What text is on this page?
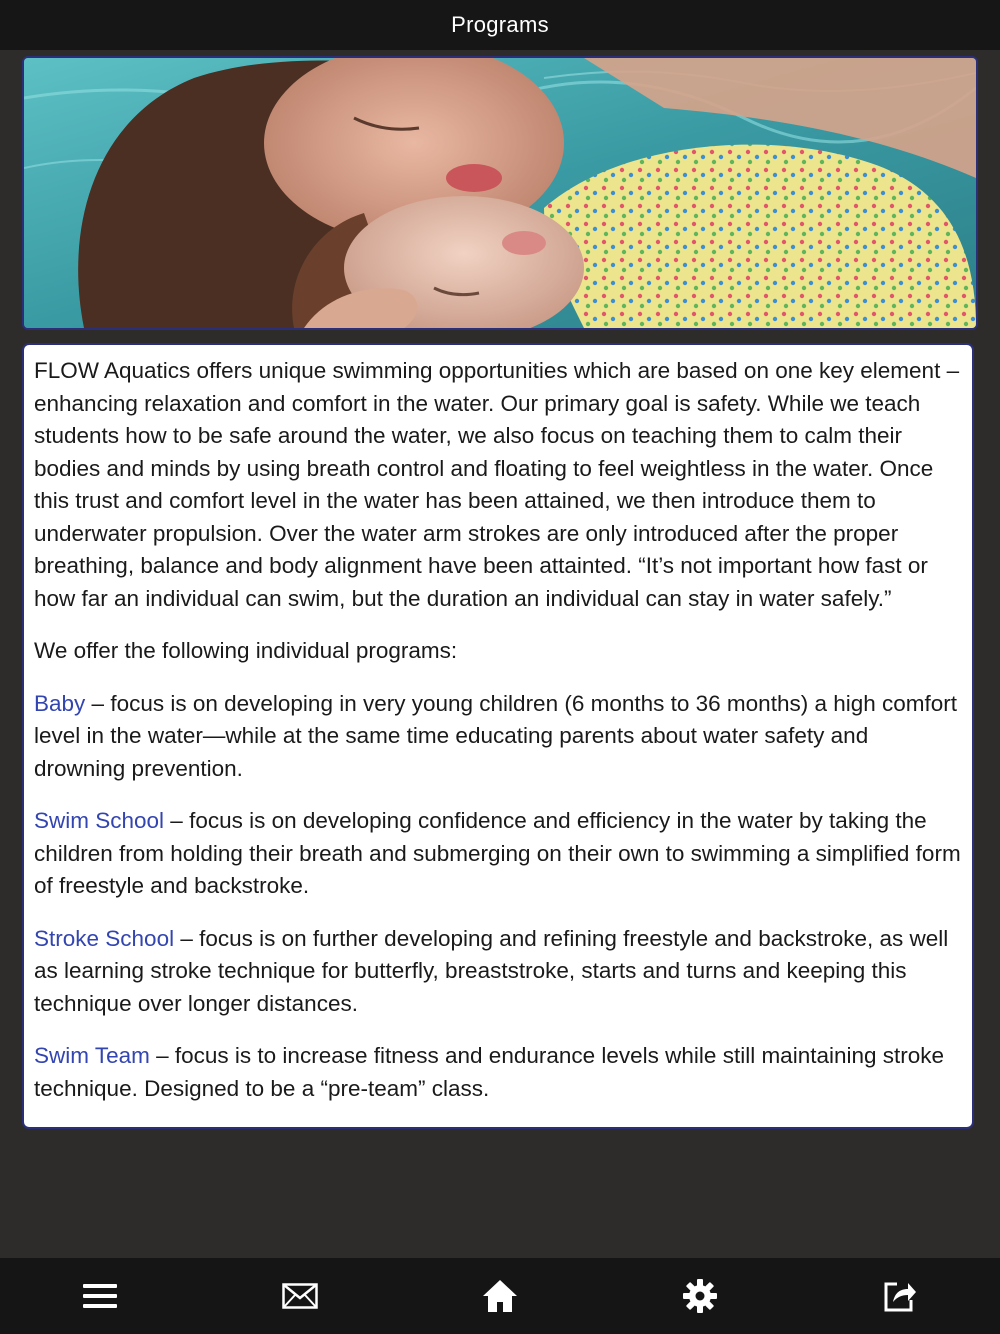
Programs

FLOW Aquatics offers unique swimming opportunities which are based on one key element – enhancing relaxation and comfort in the water. Our primary goal is safety. While we teach students how to be safe around the water, we also focus on teaching them to calm their bodies and minds by using breath control and floating to feel weightless in the water. Once this trust and comfort level in the water has been attained, we then introduce them to underwater propulsion. Over the water arm strokes are only introduced after the proper breathing, balance and body alignment have been attainted. “It’s not important how fast or how far an individual can swim, but the duration an individual can stay in water safely.”

We offer the following individual programs:

Baby – focus is on developing in very young children (6 months to 36 months) a high comfort level in the water—while at the same time educating parents about water safety and drowning prevention.

Swim School – focus is on developing confidence and efficiency in the water by taking the children from holding their breath and submerging on their own to swimming a simplified form of freestyle and backstroke.

Stroke School – focus is on further developing and refining freestyle and backstroke, as well as learning stroke technique for butterfly, breaststroke, starts and turns and keeping this technique over longer distances.

Swim Team – focus is to increase fitness and endurance levels while still maintaining stroke technique. Designed to be a “pre-team” class.
